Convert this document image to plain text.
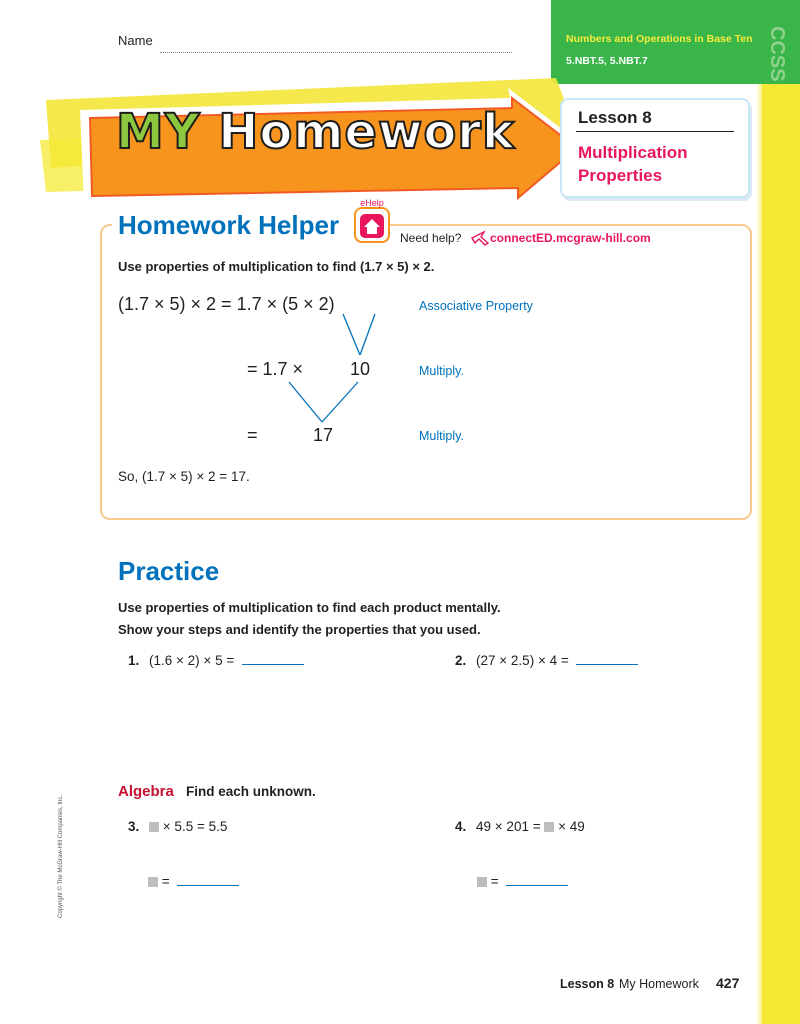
Name	Numbers and Operations in Base Ten
5.NBT.5, 5.NBT.7	CCSS
MY Homework	Lesson 8
Multiplication
Properties
Homework Helper
eHelp
Need help? connectED.mcgraw-hill.com
Use properties of multiplication to find (1.7 × 5) × 2.
(1.7 × 5) × 2 = 1.7 × (5 × 2)	Associative Property
= 1.7 ×	10	Multiply.
=	17	Multiply.
So, (1.7 × 5) × 2 = 17.
Practice
Use properties of multiplication to find each product mentally.
Show your steps and identify the properties that you used.
1. (1.6 × 2) × 5 =	2. (27 × 2.5) × 4 =
Algebra Find each unknown.
3. × 5.5 = 5.5	4. 49 × 201 = × 49
=	=
Copyright © The McGraw-Hill Companies, Inc.
Lesson 8 My Homework 427
